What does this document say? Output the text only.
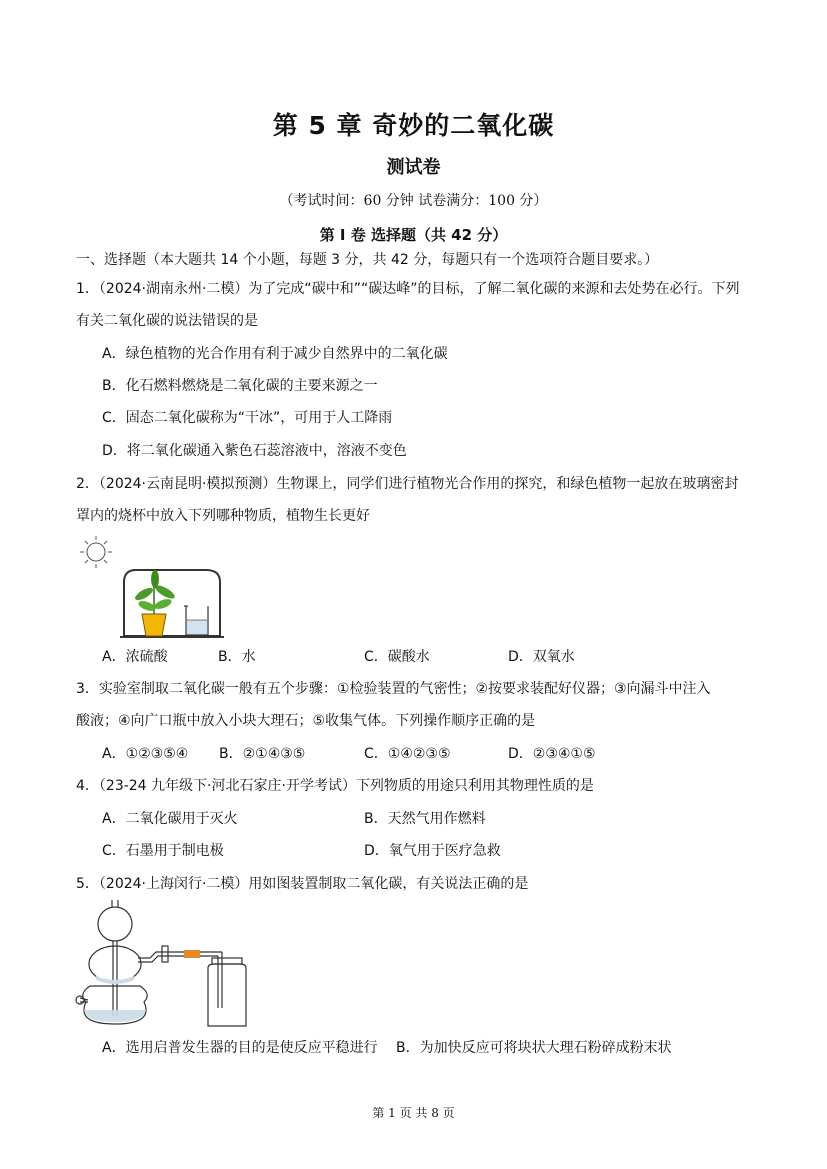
第 5 章 奇妙的二氧化碳
测试卷
（考试时间：60 分钟 试卷满分：100 分）
第 I 卷 选择题（共 42 分）
一、选择题（本大题共 14 个小题，每题 3 分，共 42 分，每题只有一个选项符合题目要求。）
1．（2024·湖南永州·二模）为了完成“碳中和”“碳达峰”的目标，了解二氧化碳的来源和去处势在必行。下列
有关二氧化碳的说法错误的是
A．绿色植物的光合作用有利于减少自然界中的二氧化碳
B．化石燃料燃烧是二氧化碳的主要来源之一
C．固态二氧化碳称为“干冰”，可用于人工降雨
D．将二氧化碳通入紫色石蕊溶液中，溶液不变色
2．（2024·云南昆明·模拟预测）生物课上，同学们进行植物光合作用的探究，和绿色植物一起放在玻璃密封
罩内的烧杯中放入下列哪种物质，植物生长更好
A．浓硫酸	B．水	C．碳酸水	D．双氧水
3．实验室制取二氧化碳一般有五个步骤：①检验装置的气密性；②按要求装配好仪器；③向漏斗中注入
酸液；④向广口瓶中放入小块大理石；⑤收集气体。下列操作顺序正确的是
A．①②③⑤④ B．②①④③⑤	C．①④②③⑤	D．②③④①⑤
4．（23-24 九年级下·河北石家庄·开学考试）下列物质的用途只利用其物理性质的是
A．二氧化碳用于灭火	B．天然气用作燃料
C．石墨用于制电极	D．氧气用于医疗急救
5．（2024·上海闵行·二模）用如图装置制取二氧化碳，有关说法正确的是
A．选用启普发生器的目的是使反应平稳进行 B．为加快反应可将块状大理石粉碎成粉末状
第 1 页 共 8 页
